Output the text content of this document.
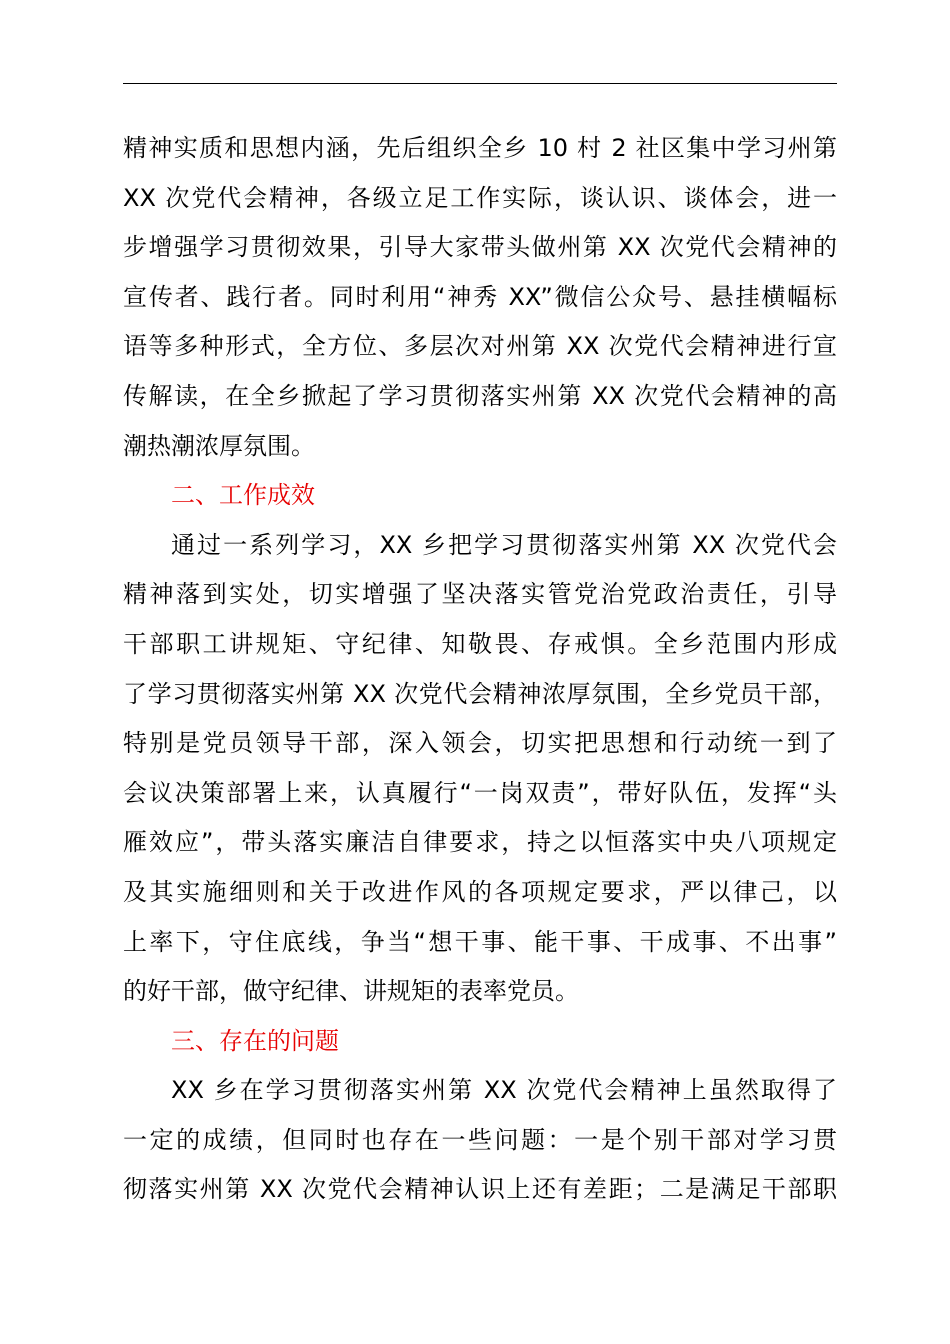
精神实质和思想内涵，先后组织全乡 10 村 2 社区集中学习州第
XX 次党代会精神，各级立足工作实际，谈认识、谈体会，进一
步增强学习贯彻效果，引导大家带头做州第 XX 次党代会精神的
宣传者、践行者。同时利用“神秀 XX”微信公众号、悬挂横幅标
语等多种形式，全方位、多层次对州第 XX 次党代会精神进行宣
传解读，在全乡掀起了学习贯彻落实州第 XX 次党代会精神的高
潮热潮浓厚氛围。
二、工作成效
通过一系列学习，XX 乡把学习贯彻落实州第 XX 次党代会
精神落到实处，切实增强了坚决落实管党治党政治责任，引导
干部职工讲规矩、守纪律、知敬畏、存戒惧。全乡范围内形成
了学习贯彻落实州第 XX 次党代会精神浓厚氛围，全乡党员干部，
特别是党员领导干部，深入领会，切实把思想和行动统一到了
会议决策部署上来，认真履行“一岗双责”，带好队伍，发挥“头
雁效应”，带头落实廉洁自律要求，持之以恒落实中央八项规定
及其实施细则和关于改进作风的各项规定要求，严以律己，以
上率下，守住底线，争当“想干事、能干事、干成事、不出事”
的好干部，做守纪律、讲规矩的表率党员。
三、存在的问题
XX 乡在学习贯彻落实州第 XX 次党代会精神上虽然取得了
一定的成绩，但同时也存在一些问题：一是个别干部对学习贯
彻落实州第 XX 次党代会精神认识上还有差距；二是满足干部职
